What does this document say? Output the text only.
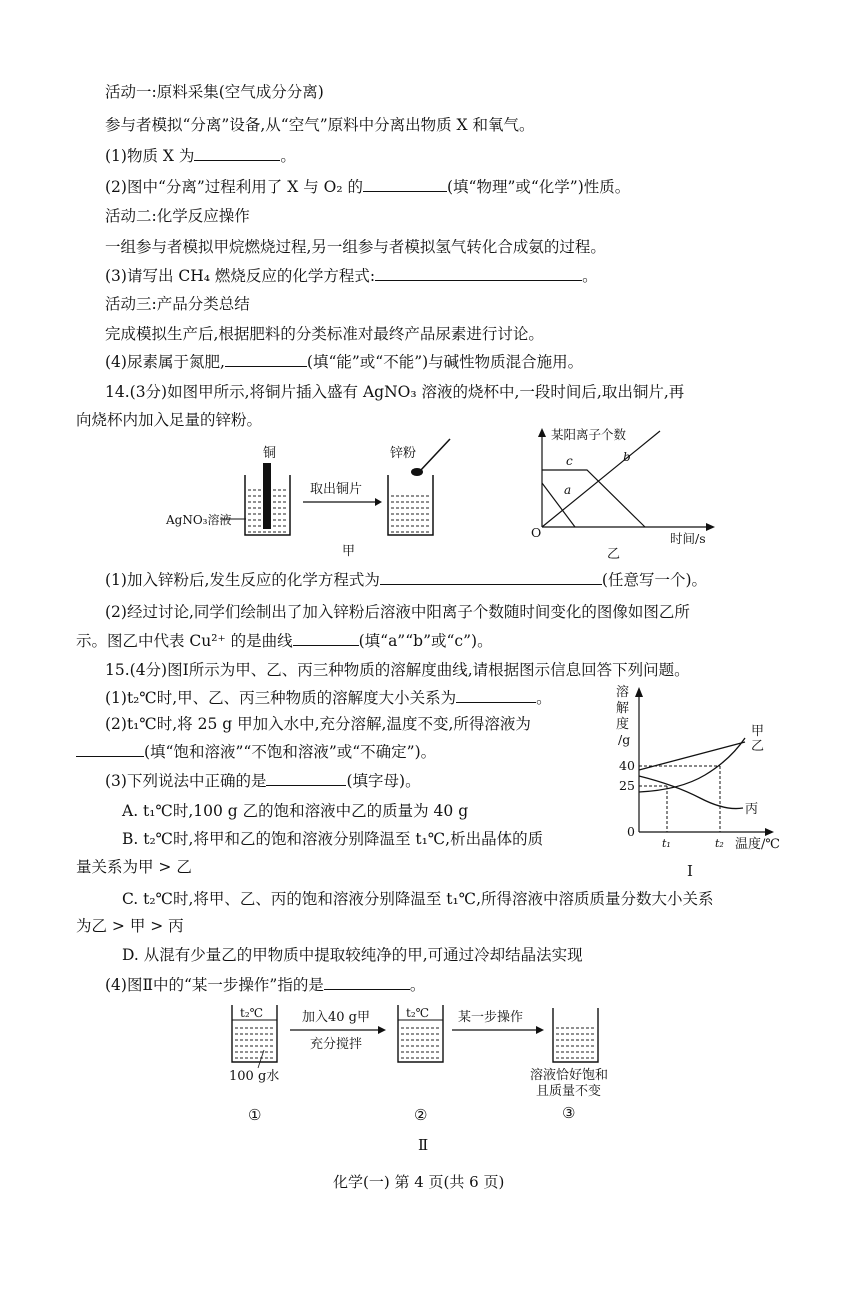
活动一:原料采集(空气成分分离)
参与者模拟“分离”设备,从“空气”原料中分离出物质 X 和氧气。
(1)物质 X 为	。
(2)图中“分离”过程利用了 X 与 O₂ 的	(填“物理”或“化学”)性质。
活动二:化学反应操作
一组参与者模拟甲烷燃烧过程,另一组参与者模拟氢气转化合成氨的过程。
(3)请写出 CH₄ 燃烧反应的化学方程式:	。
活动三:产品分类总结
完成模拟生产后,根据肥料的分类标准对最终产品尿素进行讨论。
(4)尿素属于氮肥,	(填“能”或“不能”)与碱性物质混合施用。
14.(3分)如图甲所示,将铜片插入盛有 AgNO₃ 溶液的烧杯中,一段时间后,取出铜片,再
向烧杯内加入足量的锌粉。
铜
AgNO₃溶液
取出铜片
锌粉
甲
某阳离子个数
时间/s
O
a
b
c
乙
(1)加入锌粉后,发生反应的化学方程式为	(任意写一个)。
(2)经过讨论,同学们绘制出了加入锌粉后溶液中阳离子个数随时间变化的图像如图乙所
示。图乙中代表 Cu²⁺ 的是曲线	(填“a”“b”或“c”)。
15.(4分)图Ⅰ所示为甲、乙、丙三种物质的溶解度曲线,请根据图示信息回答下列问题。
(1)t₂℃时,甲、乙、丙三种物质的溶解度大小关系为	。
(2)t₁℃时,将 25 g 甲加入水中,充分溶解,温度不变,所得溶液为
(填“饱和溶液”“不饱和溶液”或“不确定”)。
(3)下列说法中正确的是	(填字母)。
A. t₁℃时,100 g 乙的饱和溶液中乙的质量为 40 g
B. t₂℃时,将甲和乙的饱和溶液分别降温至 t₁℃,析出晶体的质
量关系为甲 > 乙
C. t₂℃时,将甲、乙、丙的饱和溶液分别降温至 t₁℃,所得溶液中溶质质量分数大小关系
为乙 > 甲 > 丙
D. 从混有少量乙的甲物质中提取较纯净的甲,可通过冷却结晶法实现
溶
解
度
/g
0
40
25
t₁	t₂ 温度/℃
甲
乙
丙
Ⅰ
(4)图Ⅱ中的“某一步操作”指的是	。
t₂℃
100 g水
加入40 g甲
充分搅拌
t₂℃ 某一步操作
溶液恰好饱和
且质量不变
①	②	③
Ⅱ
化学(一) 第 4 页(共 6 页)
